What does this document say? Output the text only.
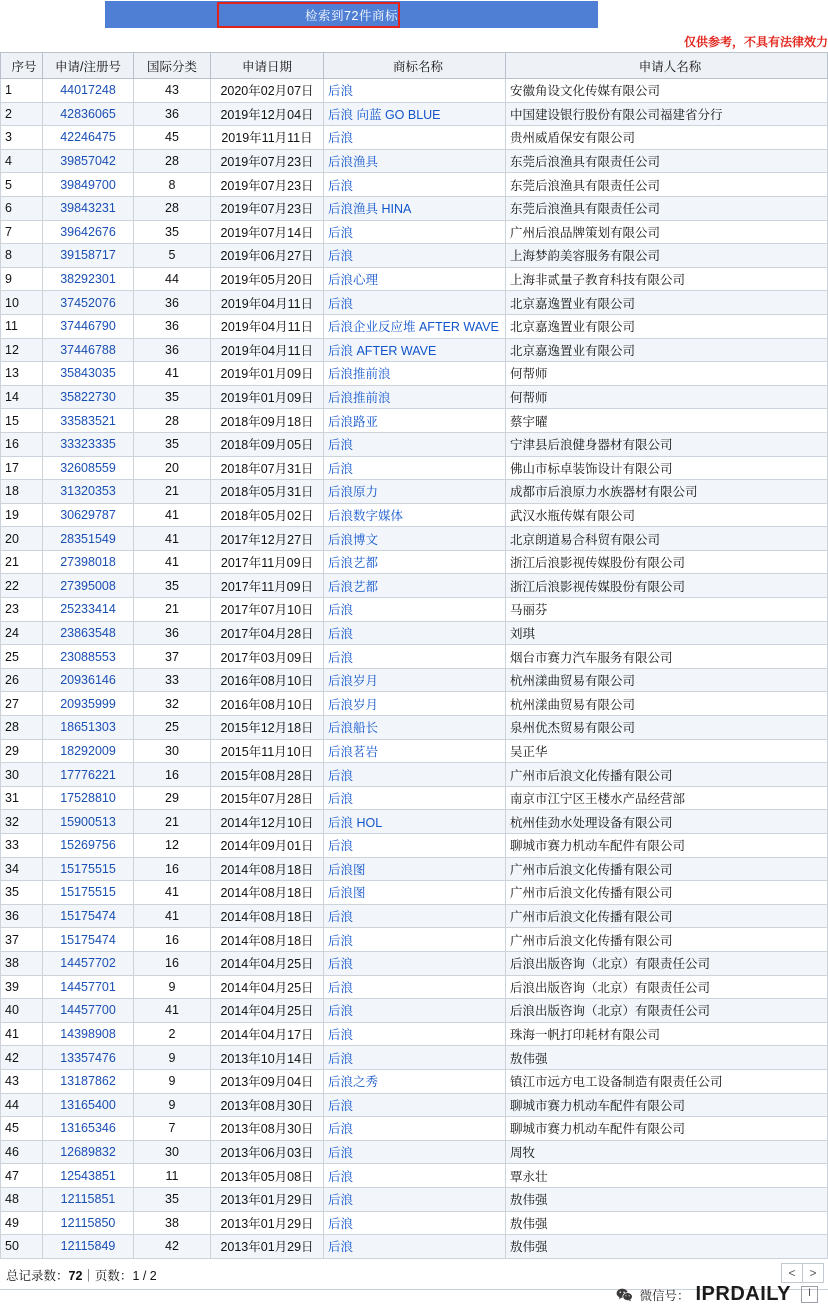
检索到72件商标
仅供参考，不具有法律效力
序号	申请/注册号	国际分类	申请日期	商标名称	申请人名称
1	44017248	43	2020年02月07日	后浪	安徽角设文化传媒有限公司
2	42836065	36	2019年12月04日	后浪 向蓝 GO BLUE	中国建设银行股份有限公司福建省分行
3	42246475	45	2019年11月11日	后浪	贵州威盾保安有限公司
4	39857042	28	2019年07月23日	后浪渔具	东莞后浪渔具有限责任公司
5	39849700	8	2019年07月23日	后浪	东莞后浪渔具有限责任公司
6	39843231	28	2019年07月23日	后浪渔具 HINA	东莞后浪渔具有限责任公司
7	39642676	35	2019年07月14日	后浪	广州后浪品牌策划有限公司
8	39158717	5	2019年06月27日	后浪	上海梦韵美容服务有限公司
9	38292301	44	2019年05月20日	后浪心理	上海非贰量子教育科技有限公司
10	37452076	36	2019年04月11日	后浪	北京嘉逸置业有限公司
11	37446790	36	2019年04月11日	后浪企业反应堆 AFTER WAVE	北京嘉逸置业有限公司
12	37446788	36	2019年04月11日	后浪 AFTER WAVE	北京嘉逸置业有限公司
13	35843035	41	2019年01月09日	后浪推前浪	何帮师
14	35822730	35	2019年01月09日	后浪推前浪	何帮师
15	33583521	28	2018年09月18日	后浪路亚	蔡宇曜
16	33323335	35	2018年09月05日	后浪	宁津县后浪健身器材有限公司
17	32608559	20	2018年07月31日	后浪	佛山市标卓装饰设计有限公司
18	31320353	21	2018年05月31日	后浪原力	成都市后浪原力水族器材有限公司
19	30629787	41	2018年05月02日	后浪数字媒体	武汉水瓶传媒有限公司
20	28351549	41	2017年12月27日	后浪博文	北京朗道易合科贸有限公司
21	27398018	41	2017年11月09日	后浪艺都	浙江后浪影视传媒股份有限公司
22	27395008	35	2017年11月09日	后浪艺都	浙江后浪影视传媒股份有限公司
23	25233414	21	2017年07月10日	后浪	马丽芬
24	23863548	36	2017年04月28日	后浪	刘琪
25	23088553	37	2017年03月09日	后浪	烟台市赛力汽车服务有限公司
26	20936146	33	2016年08月10日	后浪岁月	杭州漾曲贸易有限公司
27	20935999	32	2016年08月10日	后浪岁月	杭州漾曲贸易有限公司
28	18651303	25	2015年12月18日	后浪船长	泉州优杰贸易有限公司
29	18292009	30	2015年11月10日	后浪茗岩	吴正华
30	17776221	16	2015年08月28日	后浪	广州市后浪文化传播有限公司
31	17528810	29	2015年07月28日	后浪	南京市江宁区王楼水产品经营部
32	15900513	21	2014年12月10日	后浪 HOL	杭州佳劲水处理设备有限公司
33	15269756	12	2014年09月01日	后浪	聊城市赛力机动车配件有限公司
34	15175515	16	2014年08月18日	后浪图	广州市后浪文化传播有限公司
35	15175515	41	2014年08月18日	后浪图	广州市后浪文化传播有限公司
36	15175474	41	2014年08月18日	后浪	广州市后浪文化传播有限公司
37	15175474	16	2014年08月18日	后浪	广州市后浪文化传播有限公司
38	14457702	16	2014年04月25日	后浪	后浪出版咨询（北京）有限责任公司
39	14457701	9	2014年04月25日	后浪	后浪出版咨询（北京）有限责任公司
40	14457700	41	2014年04月25日	后浪	后浪出版咨询（北京）有限责任公司
41	14398908	2	2014年04月17日	后浪	珠海一帆打印耗材有限公司
42	13357476	9	2013年10月14日	后浪	敖伟强
43	13187862	9	2013年09月04日	后浪之秀	镇江市远方电工设备制造有限责任公司
44	13165400	9	2013年08月30日	后浪	聊城市赛力机动车配件有限公司
45	13165346	7	2013年08月30日	后浪	聊城市赛力机动车配件有限公司
46	12689832	30	2013年06月03日	后浪	周牧
47	12543851	11	2013年05月08日	后浪	覃永壮
48	12115851	35	2013年01月29日	后浪	敖伟强
49	12115850	38	2013年01月29日	后浪	敖伟强
50	12115849	42	2013年01月29日	后浪	敖伟强
总记录数：72｜页数：1 / 2	<	>
微信号： IPRDAILY	I
